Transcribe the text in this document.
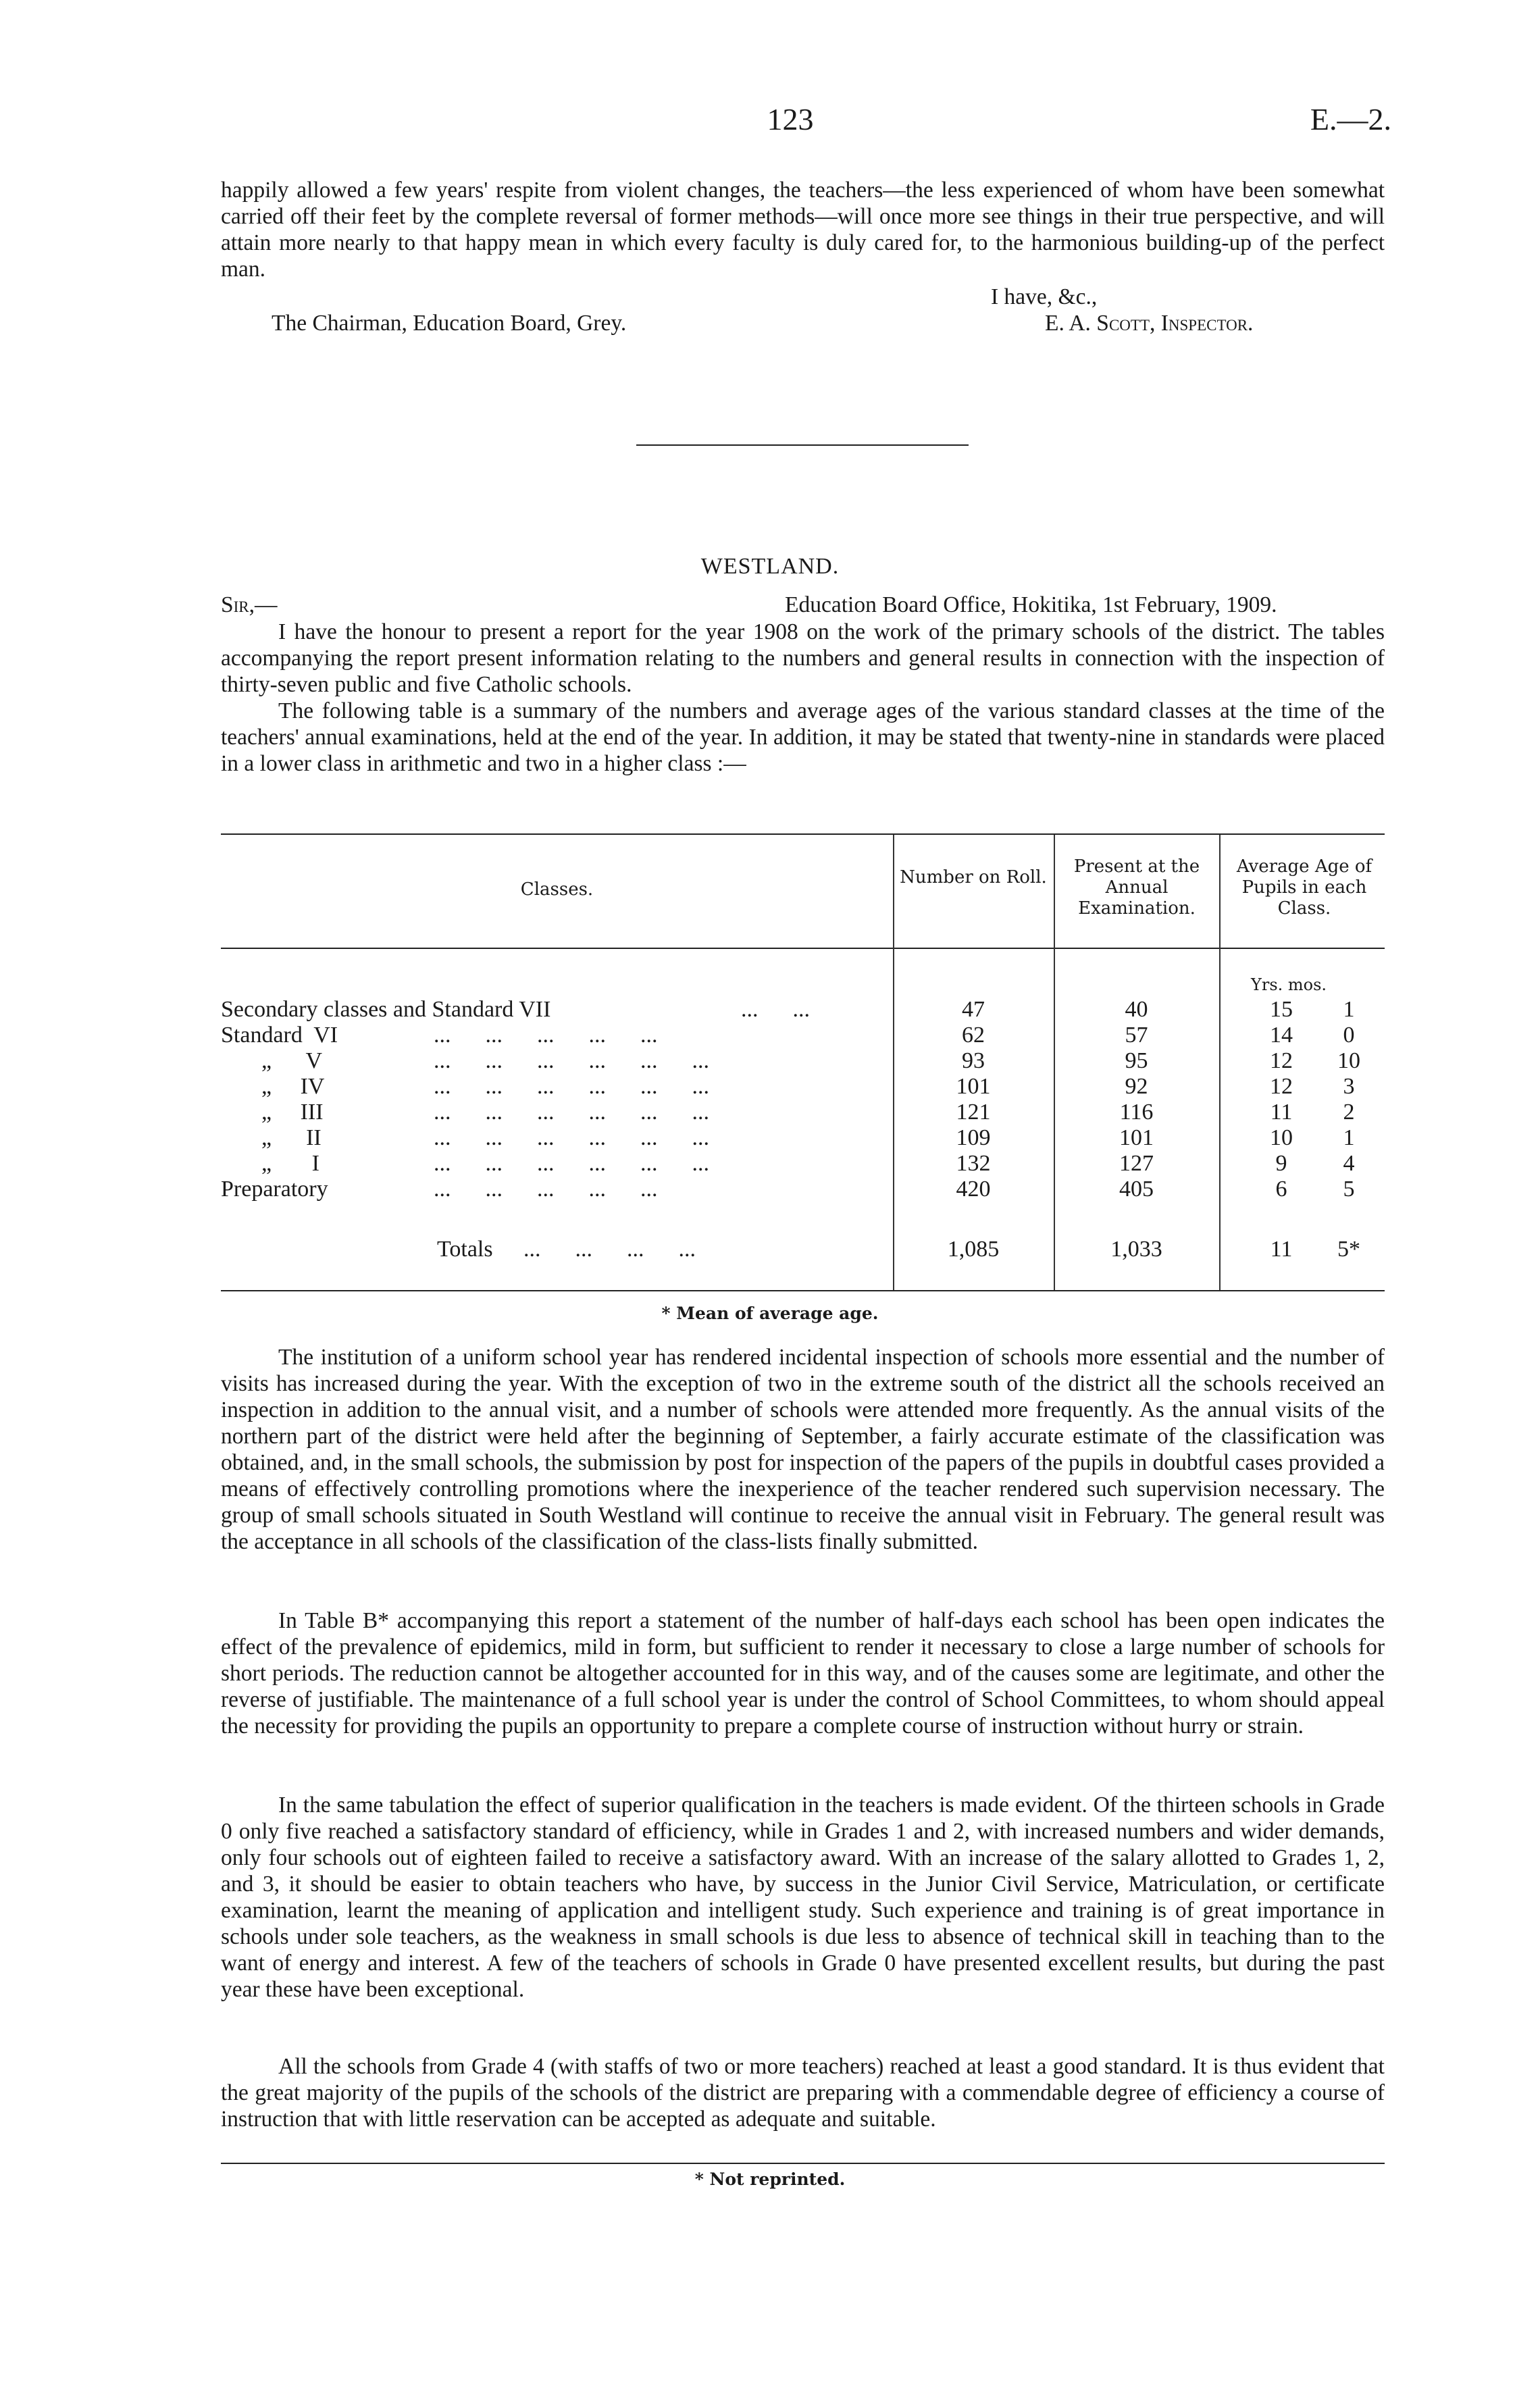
123	E.—2.
happily allowed a few years' respite from violent changes, the teachers—the less experienced of whom have been somewhat carried off their feet by the complete reversal of former methods—will once more see things in their true perspective, and will attain more nearly to that happy mean in which every faculty is duly cared for, to the harmonious building-up of the perfect man.
I have, &c.,
The Chairman, Education Board, Grey.	E. A. Scott, Inspector.
WESTLAND.
Sir,—	Education Board Office, Hokitika, 1st February, 1909.
I have the honour to present a report for the year 1908 on the work of the primary schools of the district. The tables accompanying the report present information relating to the numbers and general results in connection with the inspection of thirty-seven public and five Catholic schools.
The following table is a summary of the numbers and average ages of the various standard classes at the time of the teachers' annual examinations, held at the end of the year. In addition, it may be stated that twenty-nine in standards were placed in a lower class in arithmetic and two in a higher class :—
Classes.
Number on Roll.
Present at the Annual Examination.
Average Age of Pupils in each Class.
Yrs. mos.
Secondary classes and Standard VII	...      ...	47	40	15	1
Standard  VI	...      ...      ...      ...      ...	62	57	14	0
„      V	...      ...      ...      ...      ...      ...	93	95	12	10
„     IV	...      ...      ...      ...      ...      ...	101	92	12	3
„     III	...      ...      ...      ...      ...      ...	121	116	11	2
„      II	...      ...      ...      ...      ...      ...	109	101	10	1
„       I	...      ...      ...      ...      ...      ...	132	127	9	4
Preparatory	...      ...      ...      ...      ...	420	405	6	5
Totals ...      ...      ...      ...	1,085	1,033	11	5*
* Mean of average age.
The institution of a uniform school year has rendered incidental inspection of schools more essential and the number of visits has increased during the year. With the exception of two in the extreme south of the district all the schools received an inspection in addition to the annual visit, and a number of schools were attended more frequently. As the annual visits of the northern part of the district were held after the beginning of September, a fairly accurate estimate of the classification was obtained, and, in the small schools, the submission by post for inspection of the papers of the pupils in doubtful cases provided a means of effectively controlling promotions where the inexperience of the teacher rendered such supervision necessary. The group of small schools situated in South Westland will continue to receive the annual visit in February. The general result was the acceptance in all schools of the classification of the class-lists finally submitted.
In Table B* accompanying this report a statement of the number of half-days each school has been open indicates the effect of the prevalence of epidemics, mild in form, but sufficient to render it necessary to close a large number of schools for short periods. The reduction cannot be altogether accounted for in this way, and of the causes some are legitimate, and other the reverse of justifiable. The maintenance of a full school year is under the control of School Committees, to whom should appeal the necessity for providing the pupils an opportunity to prepare a complete course of instruction without hurry or strain.
In the same tabulation the effect of superior qualification in the teachers is made evident. Of the thirteen schools in Grade 0 only five reached a satisfactory standard of efficiency, while in Grades 1 and 2, with increased numbers and wider demands, only four schools out of eighteen failed to receive a satisfactory award. With an increase of the salary allotted to Grades 1, 2, and 3, it should be easier to obtain teachers who have, by success in the Junior Civil Service, Matriculation, or certificate examination, learnt the meaning of application and intelligent study. Such experience and training is of great importance in schools under sole teachers, as the weakness in small schools is due less to absence of technical skill in teaching than to the want of energy and interest. A few of the teachers of schools in Grade 0 have presented excellent results, but during the past year these have been exceptional.
All the schools from Grade 4 (with staffs of two or more teachers) reached at least a good standard. It is thus evident that the great majority of the pupils of the schools of the district are preparing with a commendable degree of efficiency a course of instruction that with little reservation can be accepted as adequate and suitable.
* Not reprinted.
